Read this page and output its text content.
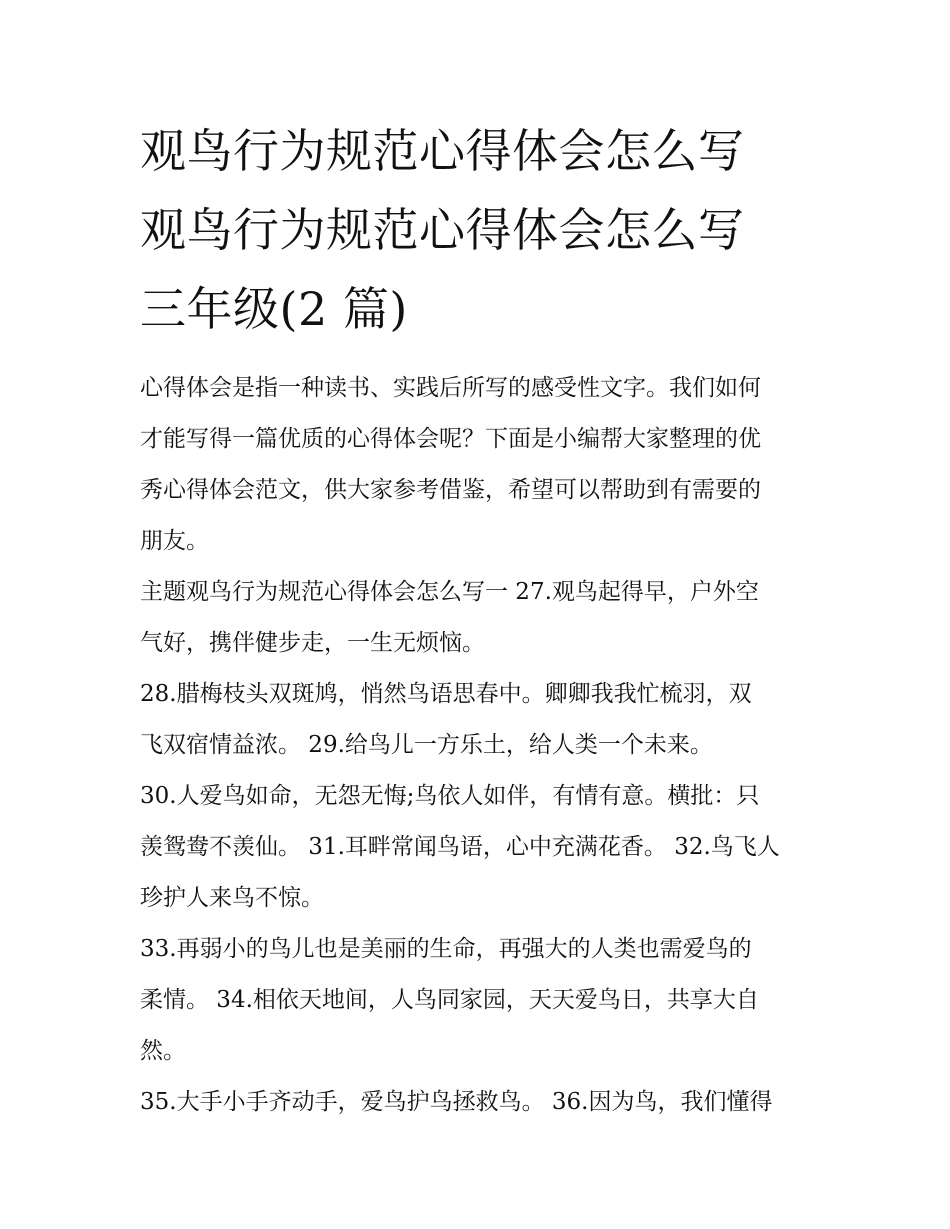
观鸟行为规范心得体会怎么写
观鸟行为规范心得体会怎么写
三年级(2 篇)

心得体会是指一种读书、实践后所写的感受性文字。我们如何
才能写得一篇优质的心得体会呢？下面是小编帮大家整理的优
秀心得体会范文，供大家参考借鉴，希望可以帮助到有需要的
朋友。

主题观鸟行为规范心得体会怎么写一 27.观鸟起得早，户外空
气好，携伴健步走，一生无烦恼。

28.腊梅枝头双斑鸠，悄然鸟语思春中。卿卿我我忙梳羽，双
飞双宿情益浓。 29.给鸟儿一方乐土，给人类一个未来。

30.人爱鸟如命，无怨无悔;鸟依人如伴，有情有意。横批：只
羡鸳鸯不羡仙。 31.耳畔常闻鸟语，心中充满花香。 32.鸟飞人
珍护人来鸟不惊。

33.再弱小的鸟儿也是美丽的生命，再强大的人类也需爱鸟的
柔情。 34.相依天地间，人鸟同家园，天天爱鸟日，共享大自
然。

35.大手小手齐动手，爱鸟护鸟拯救鸟。 36.因为鸟，我们懂得
